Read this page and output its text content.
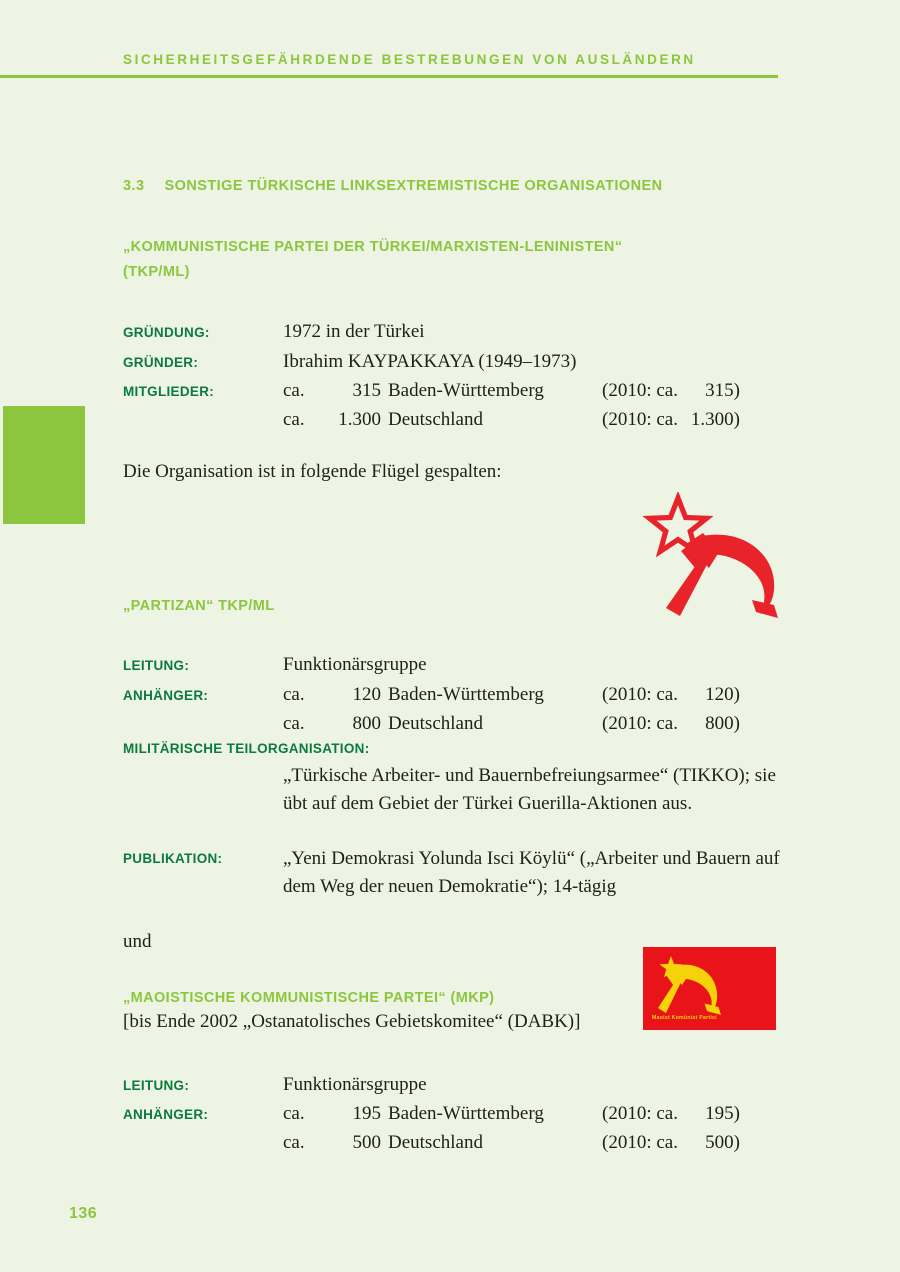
SICHERHEITSGEFÄHRDENDE BESTREBUNGEN VON AUSLÄNDERN
3.3 SONSTIGE TÜRKISCHE LINKSEXTREMISTISCHE ORGANISATIONEN
„KOMMUNISTISCHE PARTEI DER TÜRKEI/MARXISTEN-LENINISTEN“
(TKP/ML)
GRÜNDUNG:	1972 in der Türkei
GRÜNDER:	Ibrahim KAYPAKKAYA (1949–1973)
MITGLIEDER:	ca.	315 Baden-Württemberg	(2010: ca.	315)
ca.	1.300 Deutschland	(2010: ca. 1.300)
Die Organisation ist in folgende Flügel gespalten:
„PARTIZAN“ TKP/ML
LEITUNG:	Funktionärsgruppe
ANHÄNGER:	ca.	120 Baden-Württemberg	(2010: ca.	120)
ca.	800 Deutschland	(2010: ca.	800)
MILITÄRISCHE TEILORGANISATION:
„Türkische Arbeiter- und Bauernbefreiungsarmee“ (TIKKO); sie übt auf dem Gebiet der Türkei Guerilla-Aktionen aus.
PUBLIKATION:	„Yeni Demokrasi Yolunda Isci Köylü“ („Arbeiter und Bauern auf dem Weg der neuen Demokratie“); 14-tägig
und
„MAOISTISCHE KOMMUNISTISCHE PARTEI“ (MKP)
[bis Ende 2002 „Ostanatolisches Gebietskomitee“ (DABK)]
LEITUNG:	Funktionärsgruppe
ANHÄNGER:	ca.	195 Baden-Württemberg	(2010: ca.	195)
ca.	500 Deutschland	(2010: ca.	500)
Maoist Komünist Partisi
136
